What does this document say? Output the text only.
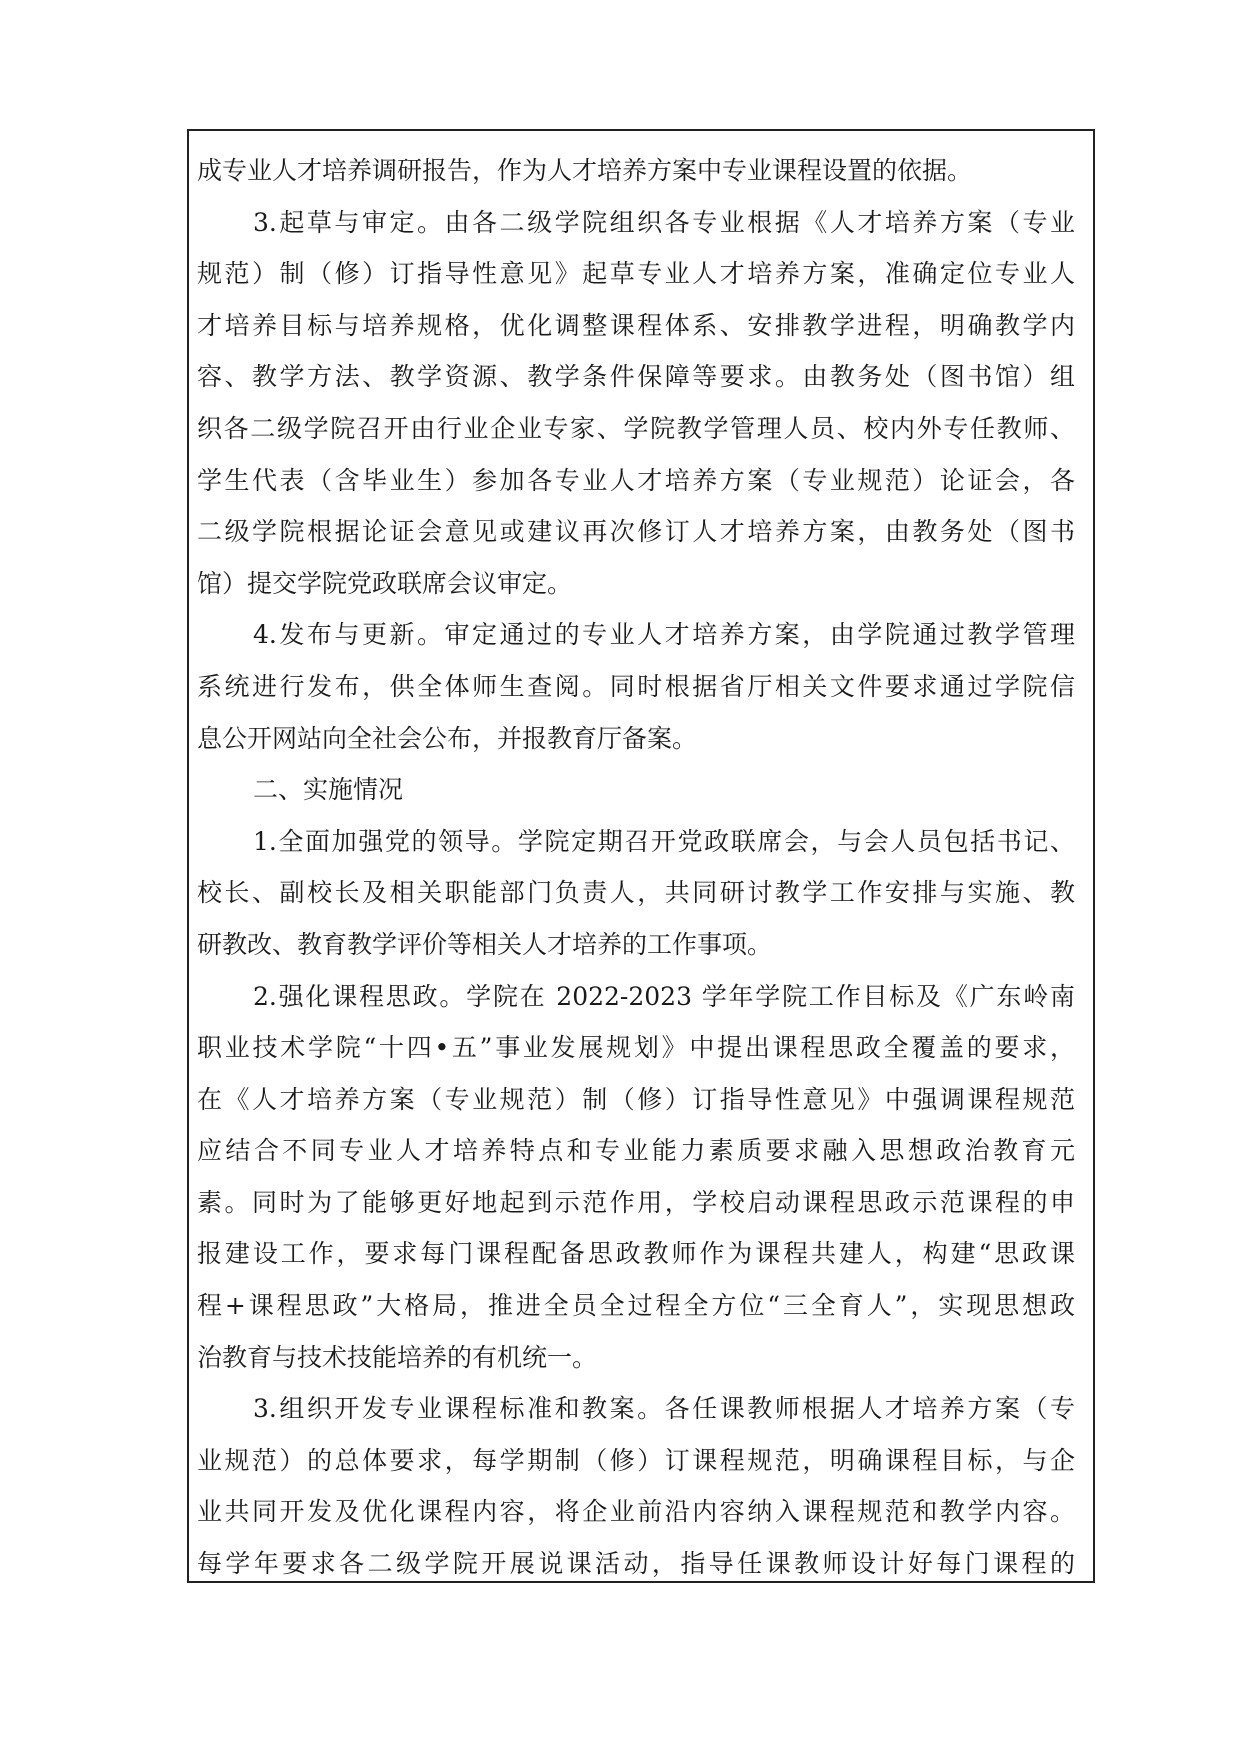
成专业人才培养调研报告，作为人才培养方案中专业课程设置的依据。
3.起草与审定。由各二级学院组织各专业根据《人才培养方案（专业
规范）制（修）订指导性意见》起草专业人才培养方案，准确定位专业人
才培养目标与培养规格，优化调整课程体系、安排教学进程，明确教学内
容、教学方法、教学资源、教学条件保障等要求。由教务处（图书馆）组
织各二级学院召开由行业企业专家、学院教学管理人员、校内外专任教师、
学生代表（含毕业生）参加各专业人才培养方案（专业规范）论证会，各
二级学院根据论证会意见或建议再次修订人才培养方案，由教务处（图书
馆）提交学院党政联席会议审定。
4.发布与更新。审定通过的专业人才培养方案，由学院通过教学管理
系统进行发布，供全体师生查阅。同时根据省厅相关文件要求通过学院信
息公开网站向全社会公布，并报教育厅备案。
二、实施情况
1.全面加强党的领导。学院定期召开党政联席会，与会人员包括书记、
校长、副校长及相关职能部门负责人，共同研讨教学工作安排与实施、教
研教改、教育教学评价等相关人才培养的工作事项。
2.强化课程思政。学院在 2022-2023 学年学院工作目标及《广东岭南
职业技术学院“十四•五”事业发展规划》中提出课程思政全覆盖的要求，
在《人才培养方案（专业规范）制（修）订指导性意见》中强调课程规范
应结合不同专业人才培养特点和专业能力素质要求融入思想政治教育元
素。同时为了能够更好地起到示范作用，学校启动课程思政示范课程的申
报建设工作，要求每门课程配备思政教师作为课程共建人，构建“思政课
程+课程思政”大格局，推进全员全过程全方位“三全育人”，实现思想政
治教育与技术技能培养的有机统一。
3.组织开发专业课程标准和教案。各任课教师根据人才培养方案（专
业规范）的总体要求，每学期制（修）订课程规范，明确课程目标，与企
业共同开发及优化课程内容，将企业前沿内容纳入课程规范和教学内容。
每学年要求各二级学院开展说课活动，指导任课教师设计好每门课程的
